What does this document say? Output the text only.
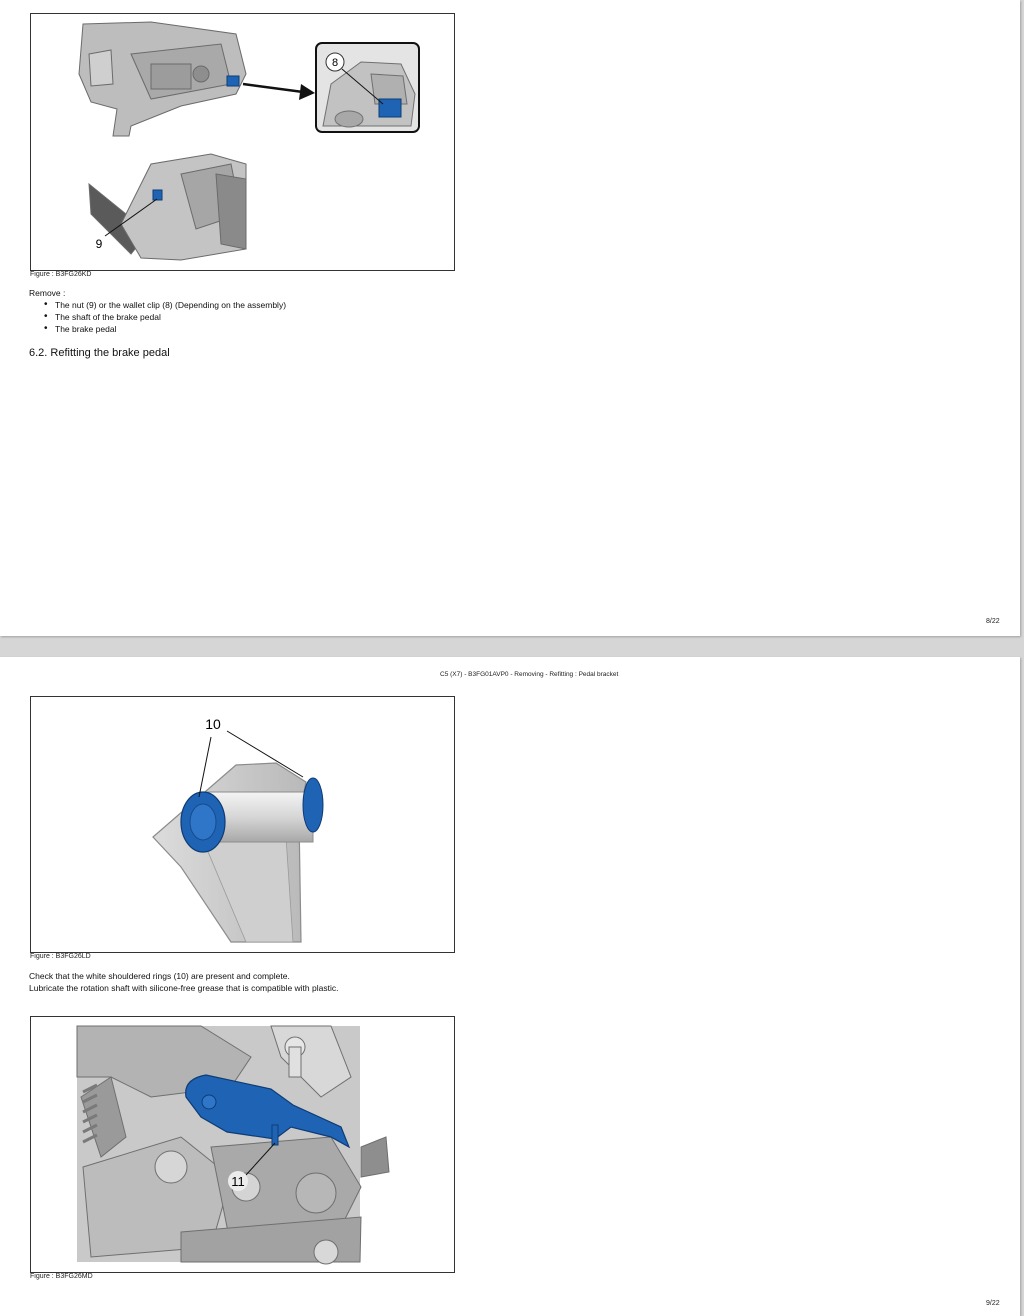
8
9
Figure : B3FG26KD
Remove :
• The nut (9) or the wallet clip (8) (Depending on the assembly)
• The shaft of the brake pedal
• The brake pedal
6.2. Refitting the brake pedal
8/22
C5 (X7) - B3FG01AVP0 - Removing - Refitting : Pedal bracket
10
Figure : B3FG26LD
Check that the white shouldered rings (10) are present and complete.
Lubricate the rotation shaft with silicone-free grease that is compatible with plastic.
11
Figure : B3FG26MD
9/22
